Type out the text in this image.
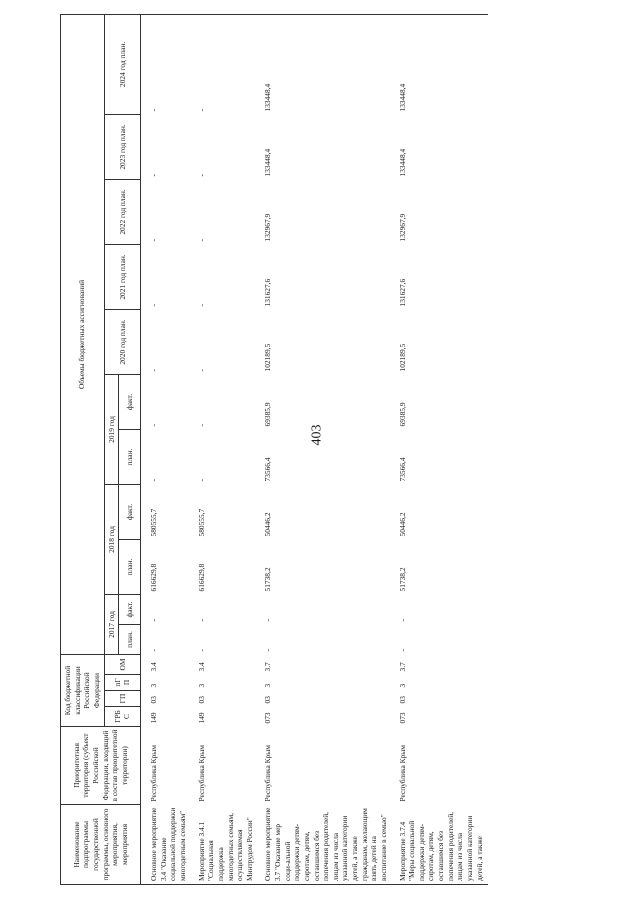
403
Наименование подпрограммы государственной программы, основного мероприятия, мероприятия	Приоритетная территория (субъект Российской Федерации, входящий в состав приоритетной территории)	Код бюджетной классификации Российской Федерации				Объемы бюджетных ассигнований										
		ГРБС	ГП	пГП	ОМ	2017 год		2018 год		2019 год		2020 год план.	2021 год план.	2022 год план.	2023 год план.	2024 год план.
						план.	факт.	план.	факт.	план.	факт.					
Основное мероприятие 3.4 "Оказание социальной поддержки многодетным семьям"	Республика Крым	149	03	3	3.4	-	-	616629,8	580555,7	-	-	-	-	-	-	-
Мероприятие 3.4.1 "Социальная поддержка многодетных семьям, осуществляемая Минтрудом России"	Республика Крым	149	03	3	3.4	-	-	616629,8	580555,7	-	-	-	-	-	-	-
Основное мероприятие 3.7 "Оказание мер соци-альной поддержки детям-сиротам, детям, оставшимся без попечения родителей, лицам из числа указанной категории детей, а также гражданам, желающим взять детей на воспитание в семью"	Республика Крым	073	03	3	3.7	-	-	51738,2	50446,2	73566,4	69385,9	102189,5	131627,6	132967,9	133448,4	133448,4
Мероприятие 3.7.4 "Меры социальной поддержки детям-сиротам, детям, оставшимся без попечения родителей, лицам из числа указанной категории детей, а также	Республика Крым	073	03	3	3.7	-	-	51738,2	50446,2	73566,4	69385,9	102189,5	131627,6	132967,9	133448,4	133448,4
